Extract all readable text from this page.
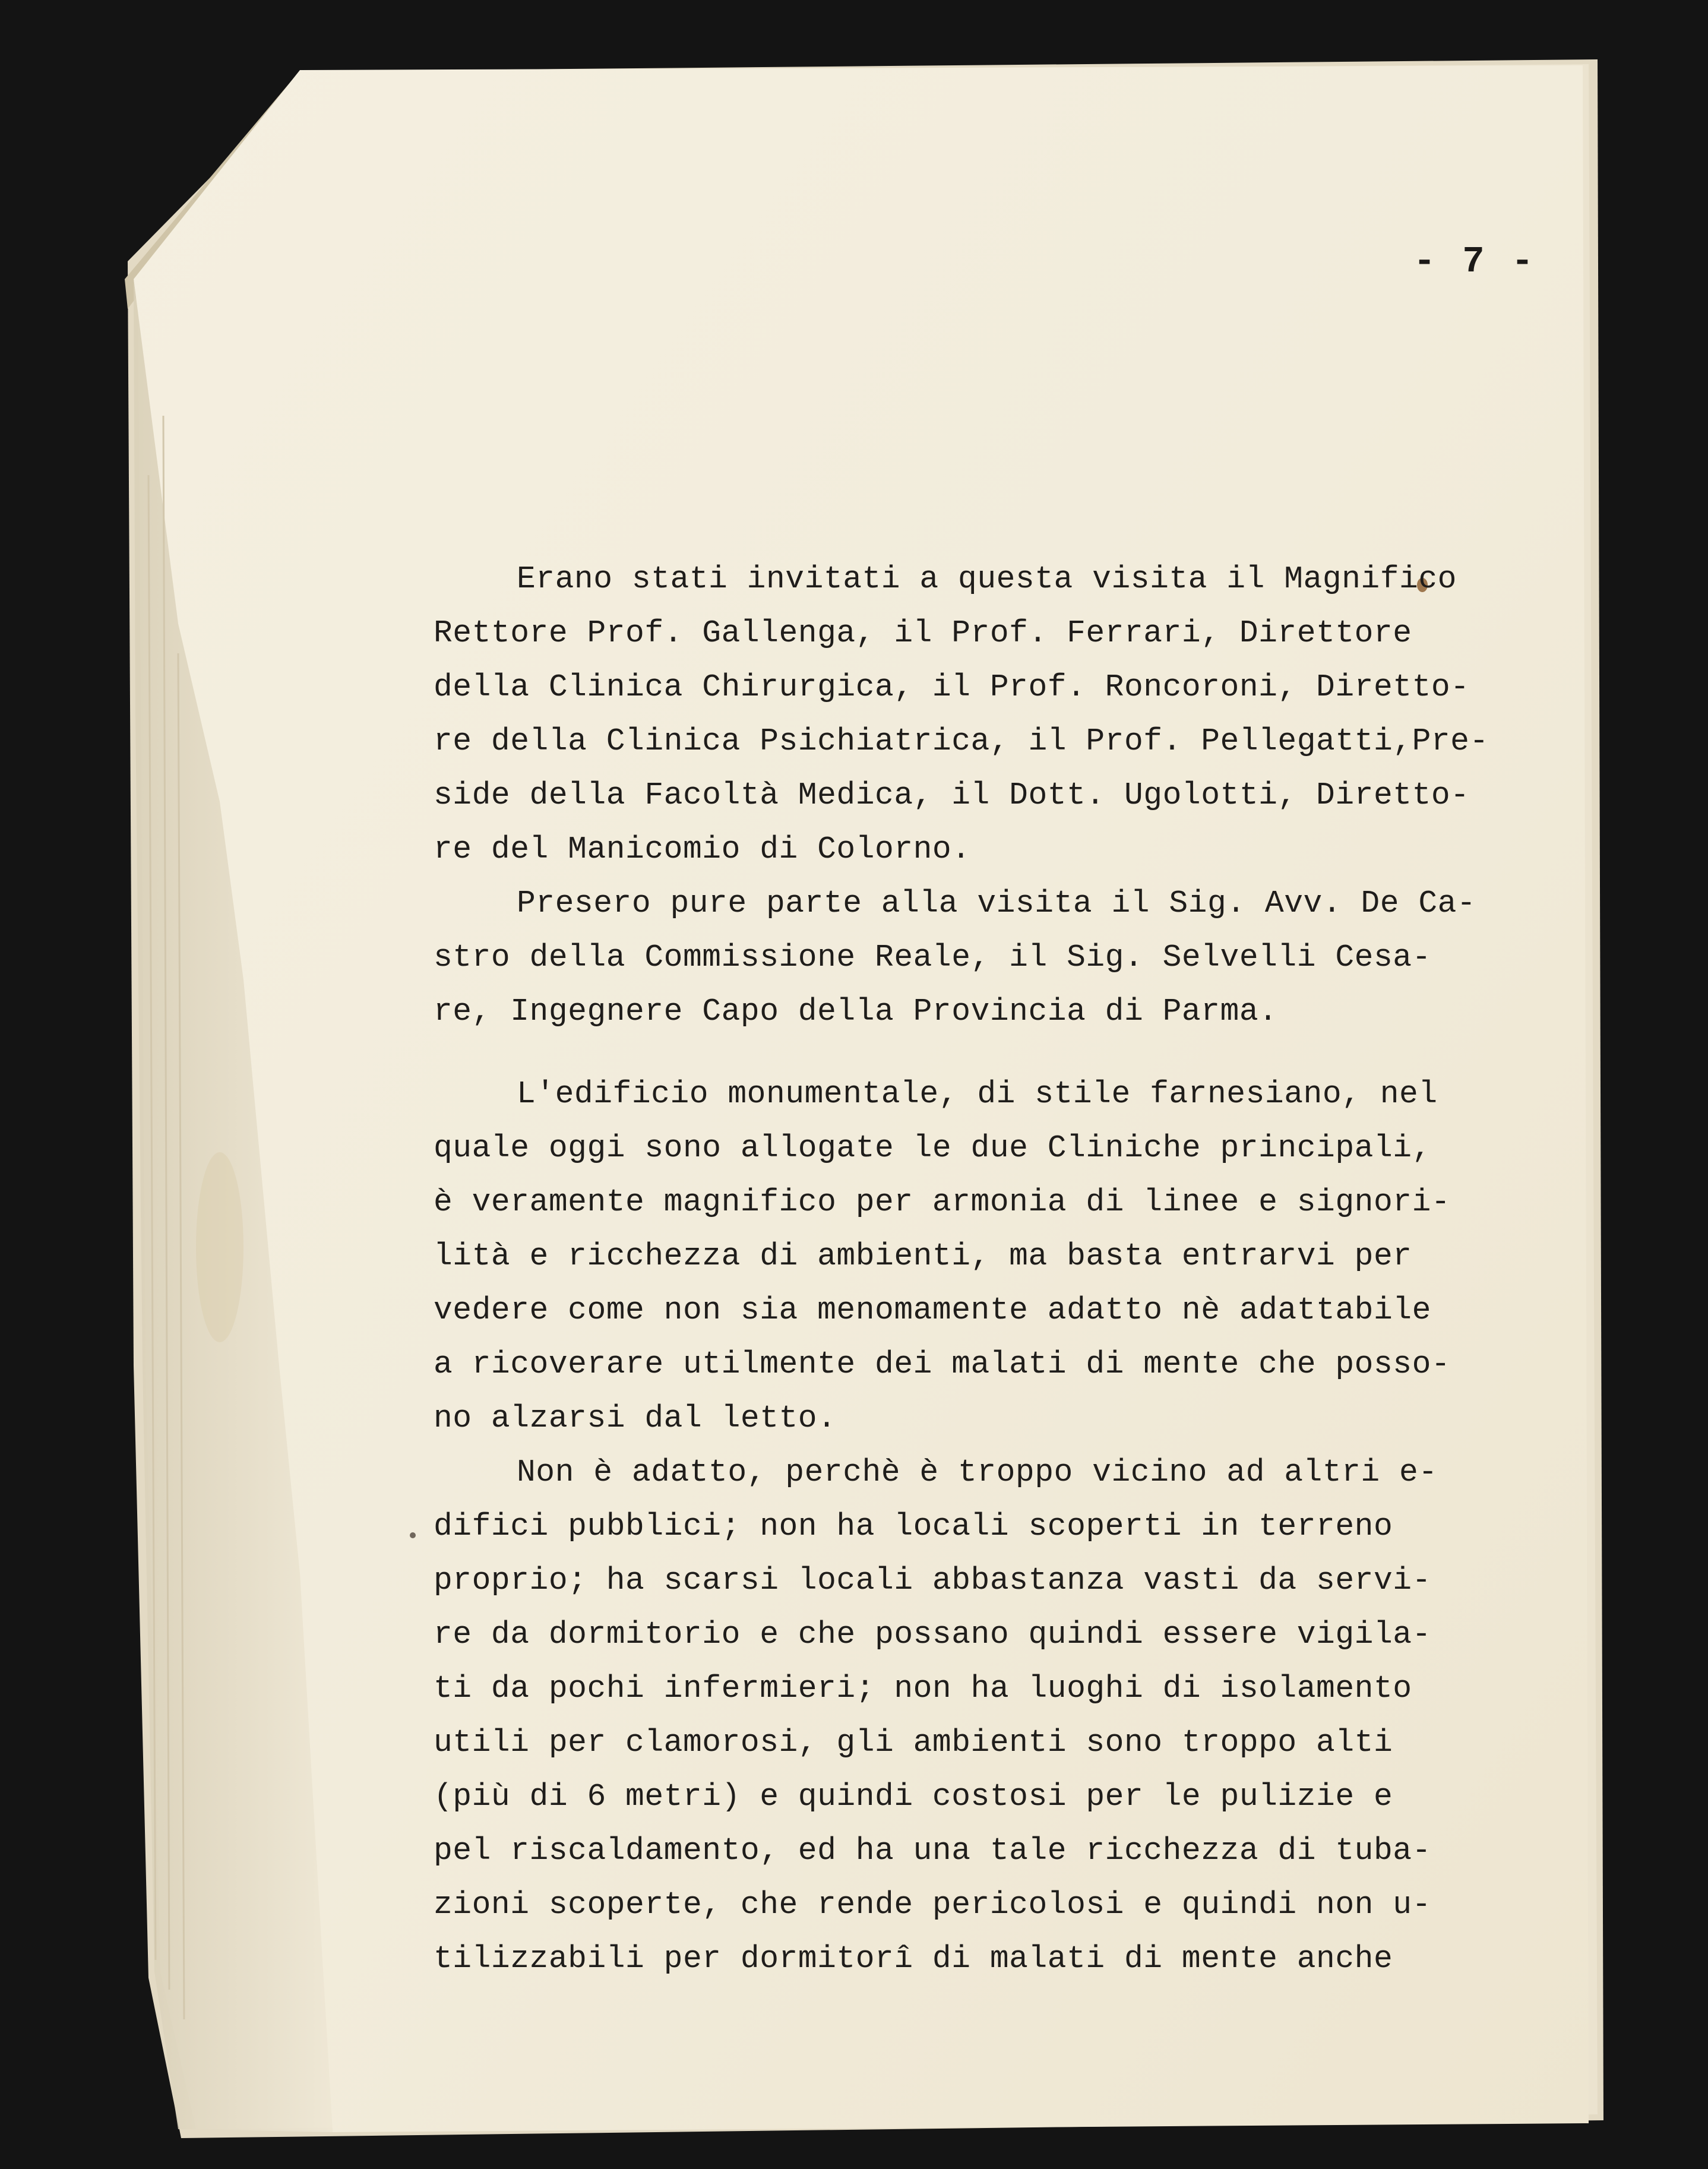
- 7 -
Erano stati invitati a questa visita il Magnifico
Rettore Prof. Gallenga, il Prof. Ferrari, Direttore
della Clinica Chirurgica, il Prof. Roncoroni, Diretto-
re della Clinica Psichiatrica, il Prof. Pellegatti,Pre-
side della Facoltà Medica, il Dott. Ugolotti, Diretto-
re del Manicomio di Colorno.
Presero pure parte alla visita il Sig. Avv. De Ca-
stro della Commissione Reale, il Sig. Selvelli Cesa-
re, Ingegnere Capo della Provincia di Parma.
L'edificio monumentale, di stile farnesiano, nel
quale oggi sono allogate le due Cliniche principali,
è veramente magnifico per armonia di linee e signori-
lità e ricchezza di ambienti, ma basta entrarvi per
vedere come non sia menomamente adatto nè adattabile
a ricoverare utilmente dei malati di mente che posso-
no alzarsi dal letto.
Non è adatto, perchè è troppo vicino ad altri e-
difici pubblici; non ha locali scoperti in terreno
proprio; ha scarsi locali abbastanza vasti da servi-
re da dormitorio e che possano quindi essere vigila-
ti da pochi infermieri; non ha luoghi di isolamento
utili per clamorosi, gli ambienti sono troppo alti
(più di 6 metri) e quindi costosi per le pulizie e
pel riscaldamento, ed ha una tale ricchezza di tuba-
zioni scoperte, che rende pericolosi e quindi non u-
tilizzabili per dormitorî di malati di mente anche
